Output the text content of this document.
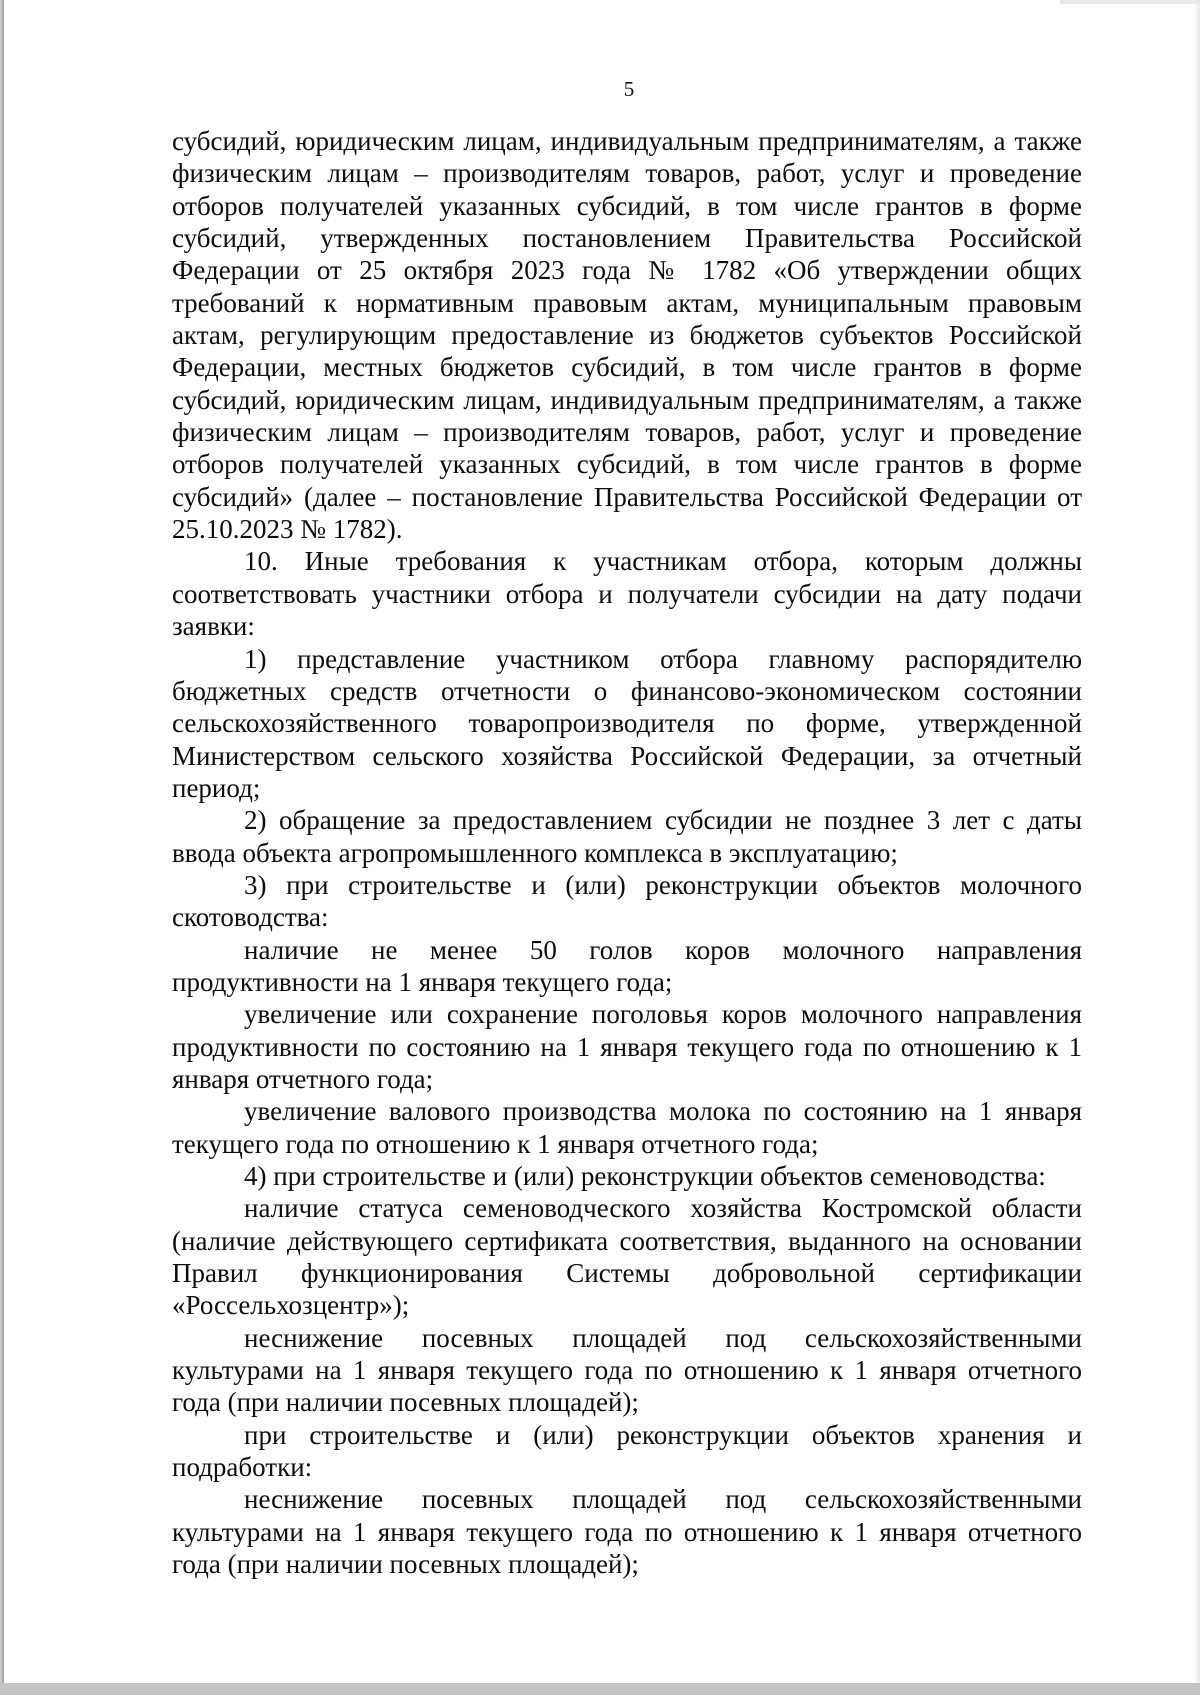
5

субсидий, юридическим лицам, индивидуальным предпринимателям, а также физическим лицам – производителям товаров, работ, услуг и проведение отборов получателей указанных субсидий, в том числе грантов в форме субсидий, утвержденных постановлением Правительства Российской Федерации от 25 октября 2023 года № 1782 «Об утверждении общих требований к нормативным правовым актам, муниципальным правовым актам, регулирующим предоставление из бюджетов субъектов Российской Федерации, местных бюджетов субсидий, в том числе грантов в форме субсидий, юридическим лицам, индивидуальным предпринимателям, а также физическим лицам – производителям товаров, работ, услуг и проведение отборов получателей указанных субсидий, в том числе грантов в форме субсидий» (далее – постановление Правительства Российской Федерации от 25.10.2023 № 1782).

10. Иные требования к участникам отбора, которым должны соответствовать участники отбора и получатели субсидии на дату подачи заявки:

1) представление участником отбора главному распорядителю бюджетных средств отчетности о финансово-экономическом состоянии сельскохозяйственного товаропроизводителя по форме, утвержденной Министерством сельского хозяйства Российской Федерации, за отчетный период;

2) обращение за предоставлением субсидии не позднее 3 лет с даты ввода объекта агропромышленного комплекса в эксплуатацию;

3) при строительстве и (или) реконструкции объектов молочного скотоводства:

наличие не менее 50 голов коров молочного направления продуктивности на 1 января текущего года;

увеличение или сохранение поголовья коров молочного направления продуктивности по состоянию на 1 января текущего года по отношению к 1 января отчетного года;

увеличение валового производства молока по состоянию на 1 января текущего года по отношению к 1 января отчетного года;

4) при строительстве и (или) реконструкции объектов семеноводства:

наличие статуса семеноводческого хозяйства Костромской области (наличие действующего сертификата соответствия, выданного на основании Правил функционирования Системы добровольной сертификации «Россельхозцентр»);

неснижение посевных площадей под сельскохозяйственными культурами на 1 января текущего года по отношению к 1 января отчетного года (при наличии посевных площадей);

при строительстве и (или) реконструкции объектов хранения и подработки:

неснижение посевных площадей под сельскохозяйственными культурами на 1 января текущего года по отношению к 1 января отчетного года (при наличии посевных площадей);
